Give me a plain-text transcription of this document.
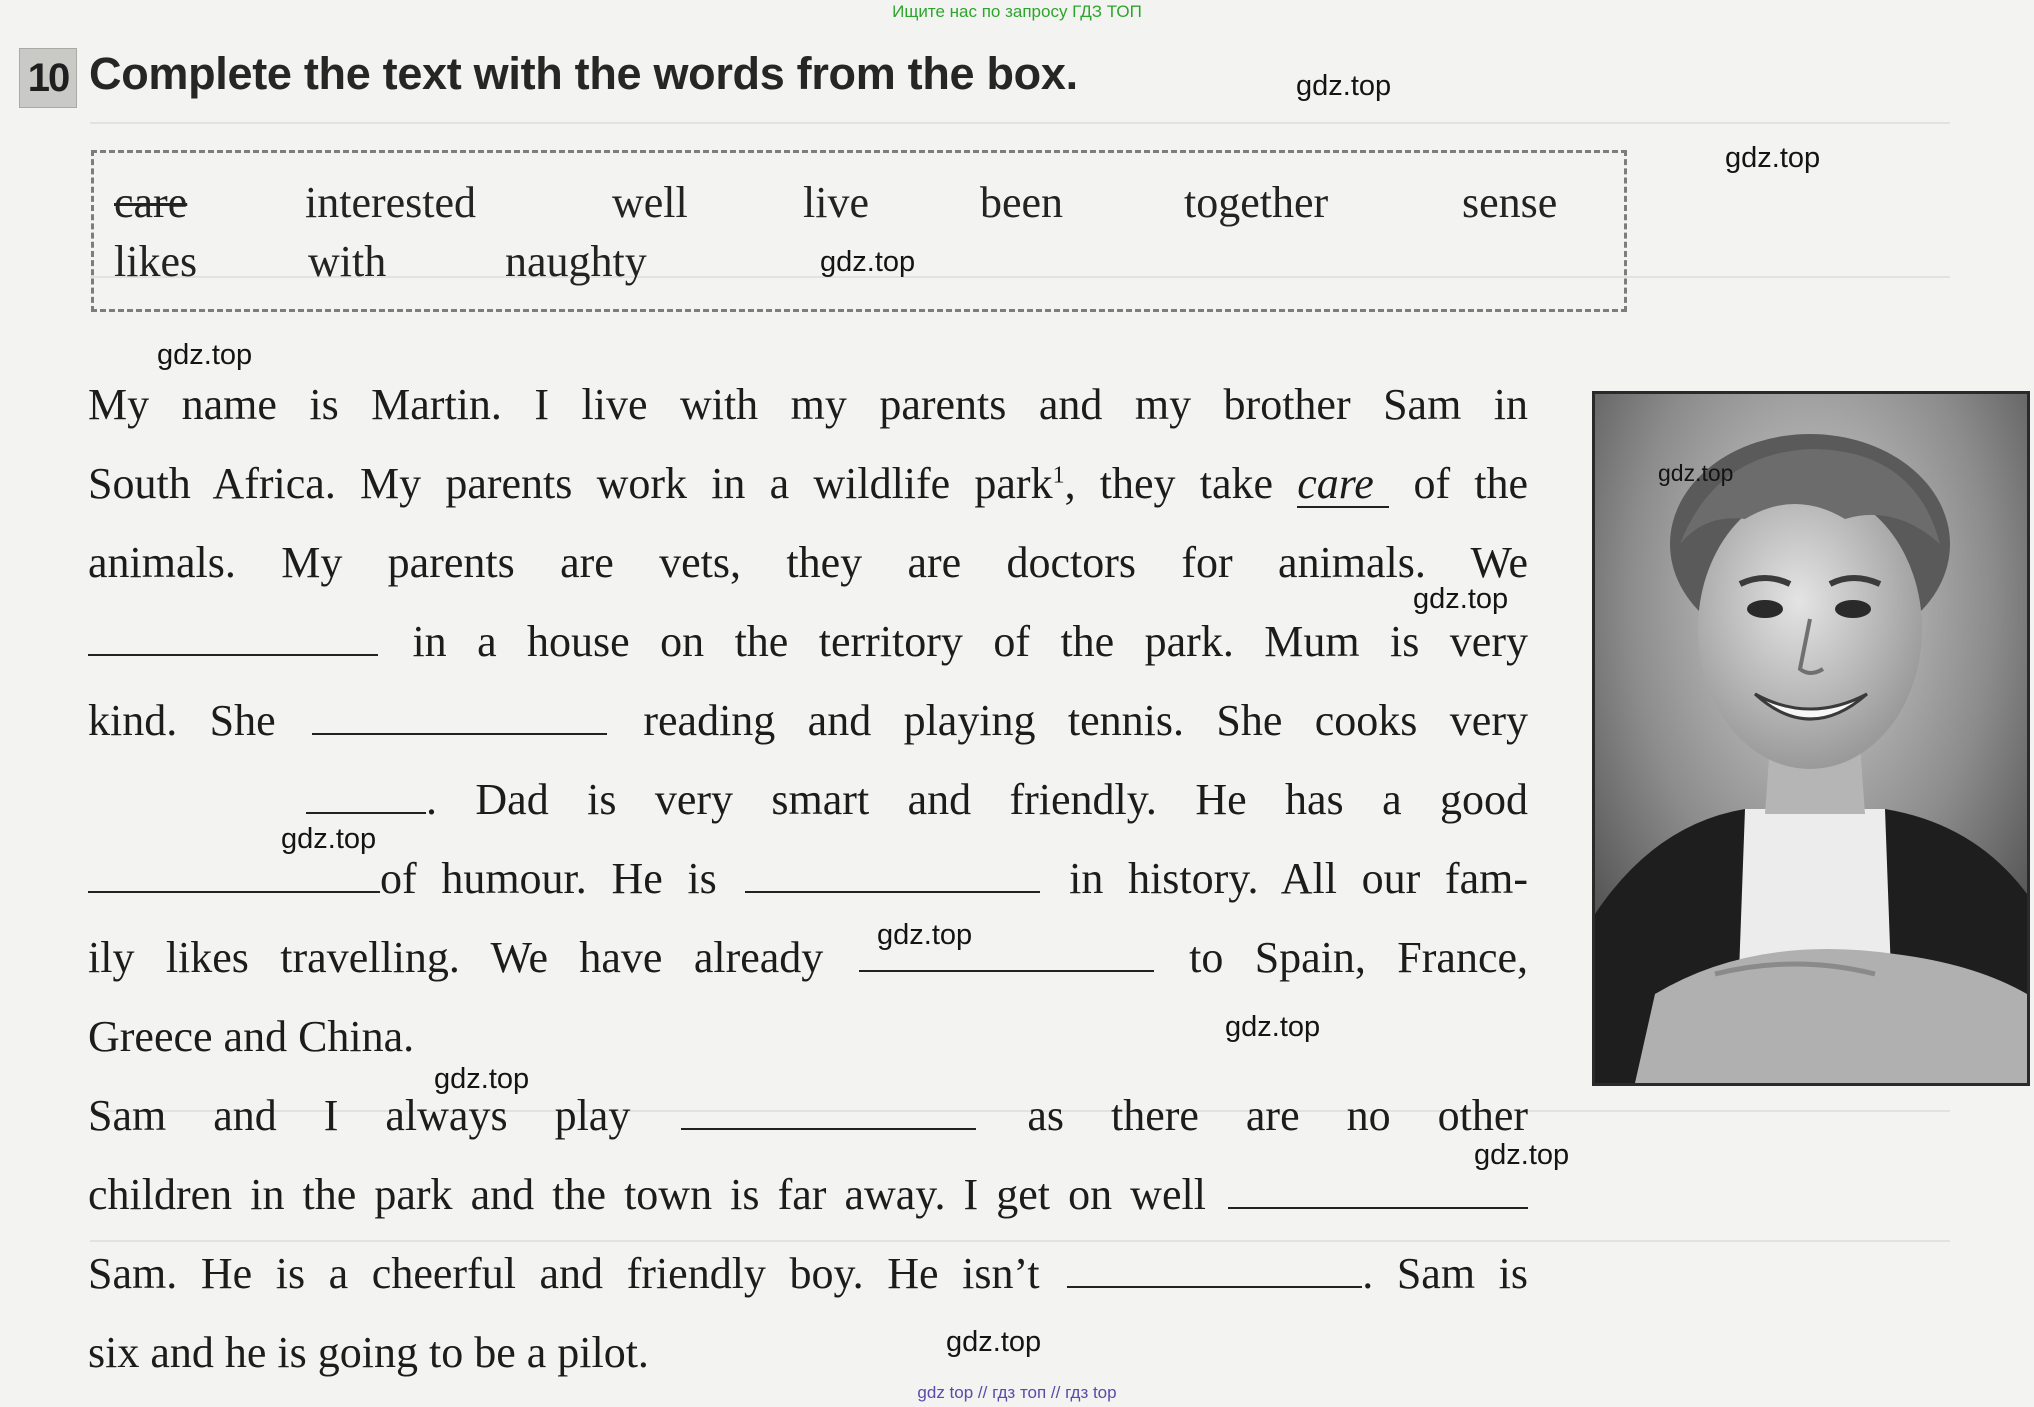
Ищите нас по запросу ГДЗ ТОП
10 Complete the text with the words from the box.
care	interested	well	live	been	together	sense
likes	with	naughty
My name is Martin. I live with my parents and my brother Sam in
South Africa. My parents work in a wildlife park$^1$, they take care of the
animals. My parents are vets, they are doctors for animals. We
in a house on the territory of the park. Mum is very
kind. She	reading and playing tennis. She cooks very
. Dad is very smart and friendly. He has a good
of humour. He is	in history. All our fam-
ily likes travelling. We have already	to Spain, France,
Greece and China.
Sam and I always play	as there are no other
children in the park and the town is far away. I get on well
Sam. He is a cheerful and friendly boy. He isn’t	. Sam is
six and he is going to be a pilot.
gdz.top
gdz.top
gdz.top
gdz.top
gdz.top
gdz.top
gdz.top
gdz.top
gdz.top
gdz.top
gdz.top
gdz.top
gdz top // гдз топ // гдз top
